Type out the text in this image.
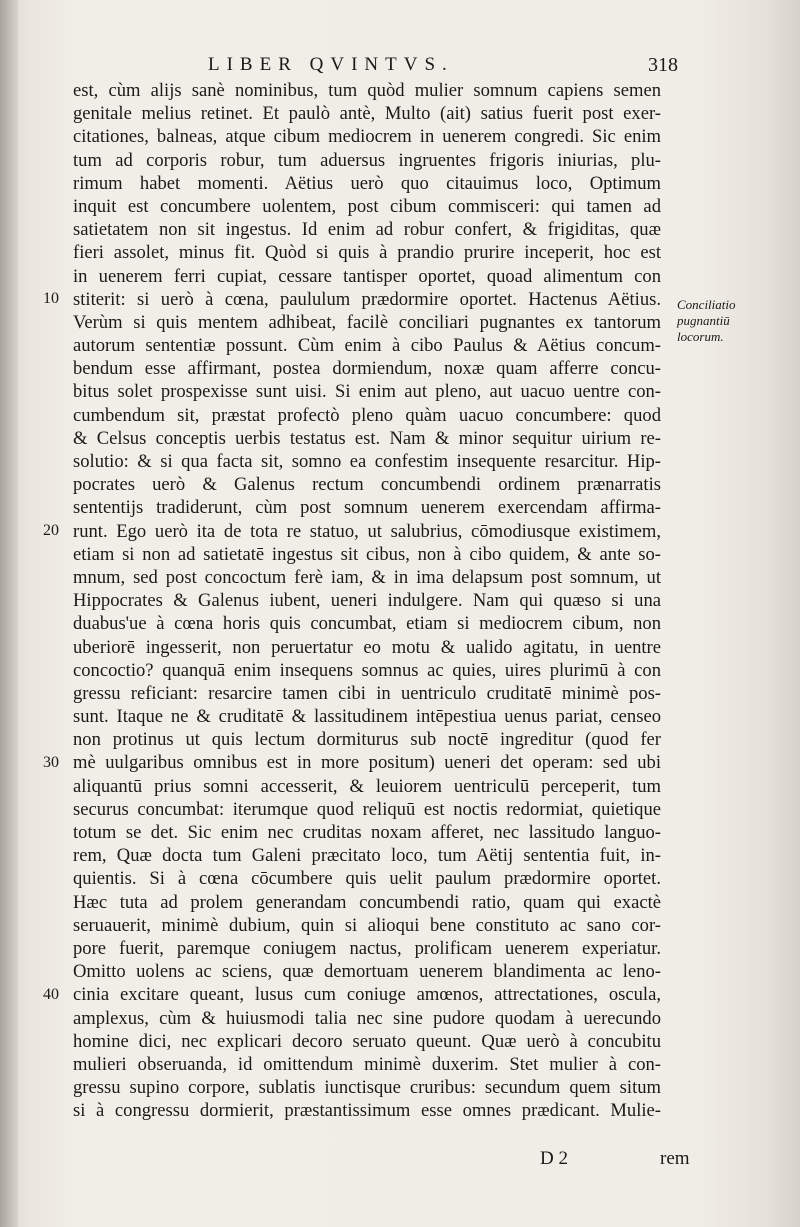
LIBER QVINTVS.	318
est, cùm alijs sanè nominibus, tum quòd mulier somnum capiens semen
genitale melius retinet. Et paulò antè, Multo (ait) satius fuerit post exer-
citationes, balneas, atque cibum mediocrem in uenerem congredi. Sic enim
tum ad corporis robur, tum aduersus ingruentes frigoris iniurias, plu-
rimum habet momenti. Aëtius uerò quo citauimus loco, Optimum
inquit est concumbere uolentem, post cibum commisceri: qui tamen ad
satietatem non sit ingestus. Id enim ad robur confert, & frigiditas, quæ
fieri assolet, minus fit. Quòd si quis à prandio prurire inceperit, hoc est
in uenerem ferri cupiat, cessare tantisper oportet, quoad alimentum con
stiterit: si uerò à cœna, paululum prædormire oportet. Hactenus Aëtius.
Verùm si quis mentem adhibeat, facilè conciliari pugnantes ex tantorum
autorum sententiæ possunt. Cùm enim à cibo Paulus & Aëtius concum-
bendum esse affirmant, postea dormiendum, noxæ quam afferre concu-
bitus solet prospexisse sunt uisi. Si enim aut pleno, aut uacuo uentre con-
cumbendum sit, præstat profectò pleno quàm uacuo concumbere: quod
& Celsus conceptis uerbis testatus est. Nam & minor sequitur uirium re-
solutio: & si qua facta sit, somno ea confestim insequente resarcitur. Hip-
pocrates uerò & Galenus rectum concumbendi ordinem prænarratis
sententijs tradiderunt, cùm post somnum uenerem exercendam affirma-
runt. Ego uerò ita de tota re statuo, ut salubrius, cōmodiusque existimem,
etiam si non ad satietatē ingestus sit cibus, non à cibo quidem, & ante so-
mnum, sed post concoctum ferè iam, & in ima delapsum post somnum, ut
Hippocrates & Galenus iubent, ueneri indulgere. Nam qui quæso si una
duabus'ue à cœna horis quis concumbat, etiam si mediocrem cibum, non
uberiorē ingesserit, non peruertatur eo motu & ualido agitatu, in uentre
concoctio? quanquā enim insequens somnus ac quies, uires plurimū à con
gressu reficiant: resarcire tamen cibi in uentriculo cruditatē minimè pos-
sunt. Itaque ne & cruditatē & lassitudinem intēpestiua uenus pariat, censeo
non protinus ut quis lectum dormiturus sub noctē ingreditur (quod fer
mè uulgaribus omnibus est in more positum) ueneri det operam: sed ubi
aliquantū prius somni accesserit, & leuiorem uentriculū perceperit, tum
securus concumbat: iterumque quod reliquū est noctis redormiat, quietique
totum se det. Sic enim nec cruditas noxam afferet, nec lassitudo languo-
rem, Quæ docta tum Galeni præcitato loco, tum Aëtij sententia fuit, in-
quientis. Si à cœna cōcumbere quis uelit paulum prædormire oportet.
Hæc tuta ad prolem generandam concumbendi ratio, quam qui exactè
seruauerit, minimè dubium, quin si alioqui bene constituto ac sano cor-
pore fuerit, paremque coniugem nactus, prolificam uenerem experiatur.
Omitto uolens ac sciens, quæ demortuam uenerem blandimenta ac leno-
cinia excitare queant, lusus cum coniuge amœnos, attrectationes, oscula,
amplexus, cùm & huiusmodi talia nec sine pudore quodam à uerecundo
homine dici, nec explicari decoro seruato queunt. Quæ uerò à concubitu
mulieri obseruanda, id omittendum minimè duxerim. Stet mulier à con-
gressu supino corpore, sublatis iunctisque cruribus: secundum quem situm
si à congressu dormierit, præstantissimum esse omnes prædicant. Mulie-
10
20
30
40
Conciliatio pugnantiū locorum.
D 2	rem
